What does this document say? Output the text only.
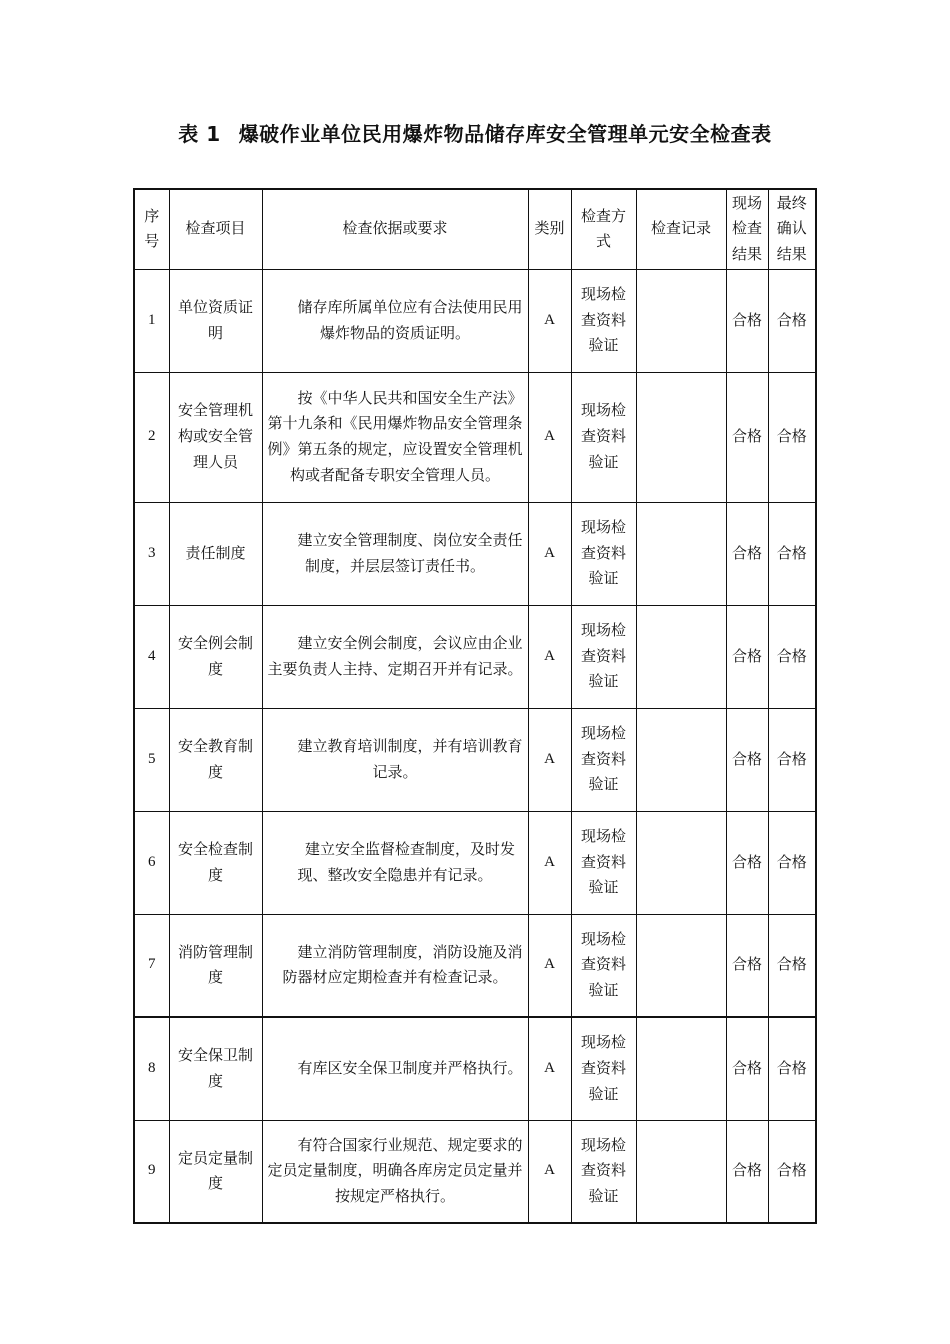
表 1 爆破作业单位民用爆炸物品储存库安全管理单元安全检查表
序号	检查项目	检查依据或要求	类别	检查方式	检查记录	现场检查结果	最终确认结果
1	单位资质证明	储存库所属单位应有合法使用民用爆炸物品的资质证明。	A	现场检查资料验证		合格	合格
2	安全管理机构或安全管理人员	按《中华人民共和国安全生产法》第十九条和《民用爆炸物品安全管理条例》第五条的规定，应设置安全管理机构或者配备专职安全管理人员。	A	现场检查资料验证		合格	合格
3	责任制度	建立安全管理制度、岗位安全责任制度，并层层签订责任书。	A	现场检查资料验证		合格	合格
4	安全例会制度	建立安全例会制度，会议应由企业主要负责人主持、定期召开并有记录。	A	现场检查资料验证		合格	合格
5	安全教育制度	建立教育培训制度，并有培训教育记录。	A	现场检查资料验证		合格	合格
6	安全检查制度	建立安全监督检查制度，及时发现、整改安全隐患并有记录。	A	现场检查资料验证		合格	合格
7	消防管理制度	建立消防管理制度，消防设施及消防器材应定期检查并有检查记录。	A	现场检查资料验证		合格	合格
8	安全保卫制度	有库区安全保卫制度并严格执行。	A	现场检查资料验证		合格	合格
9	定员定量制度	有符合国家行业规范、规定要求的定员定量制度，明确各库房定员定量并按规定严格执行。	A	现场检查资料验证		合格	合格
